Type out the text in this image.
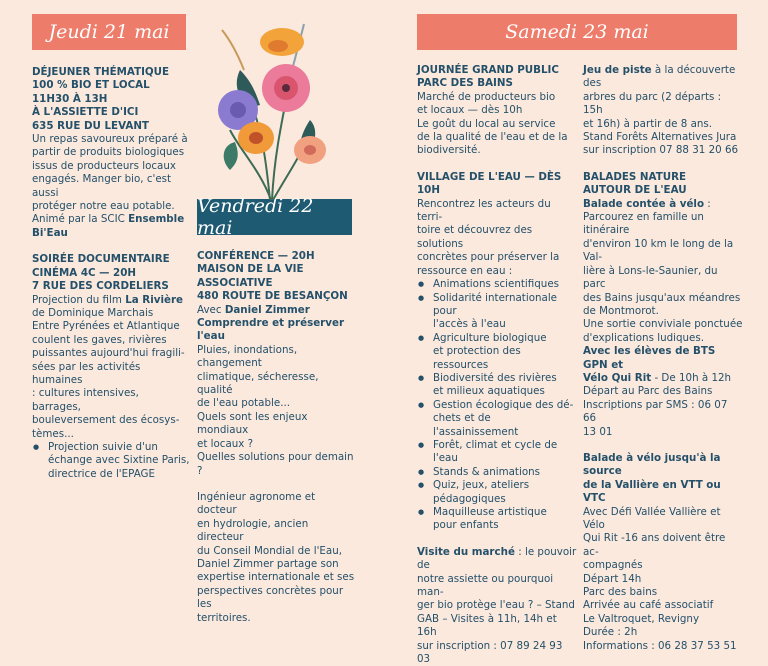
Jeudi 21 mai
Vendredi 22 mai
Samedi 23 mai

DÉJEUNER THÉMATIQUE

100 % BIO ET LOCAL

11H30 À 13H

À L'ASSIETTE D'ICI

635 RUE DU LEVANT

Un repas savoureux préparé à

partir de produits biologiques

issus de producteurs locaux

engagés. Manger bio, c'est aussi

protéger notre eau potable.

Animé par la SCIC Ensemble

Bi'Eau

SOIRÉE DOCUMENTAIRE

CINÉMA 4C — 20H

7 RUE DES CORDELIERS

Projection du film La Rivière

de Dominique Marchais

Entre Pyrénées et Atlantique

coulent les gaves, rivières

puissantes aujourd'hui fragili-

sées par les activités humaines

: cultures intensives, barrages,

bouleversement des écosys-

tèmes...

● Projection suivie d'un
échange avec Sixtine Paris,
directrice de l'EPAGE

CONFÉRENCE — 20H

MAISON DE LA VIE ASSOCIATIVE

480 ROUTE DE BESANÇON

Avec Daniel Zimmer

Comprendre et préserver l'eau

Pluies, inondations, changement

climatique, sécheresse, qualité

de l'eau potable...

Quels sont les enjeux mondiaux

et locaux ?

Quelles solutions pour demain ?

Ingénieur agronome et docteur

en hydrologie, ancien directeur

du Conseil Mondial de l'Eau,

Daniel Zimmer partage son

expertise internationale et ses

perspectives concrètes pour les

territoires.

JOURNÉE GRAND PUBLIC

PARC DES BAINS

Marché de producteurs bio

et locaux — dès 10h

Le goût du local au service

de la qualité de l'eau et de la

biodiversité.

VILLAGE DE L'EAU — DÈS 10H

Rencontrez les acteurs du terri-

toire et découvrez des solutions

concrètes pour préserver la

ressource en eau :

● Animations scientifiques
● Solidarité internationale pour
l'accès à l'eau
● Agriculture biologique
et protection des ressources
● Biodiversité des rivières
et milieux aquatiques
● Gestion écologique des dé-
chets et de l'assainissement
● Forêt, climat et cycle de l'eau
● Stands & animations
● Quiz, jeux, ateliers
pédagogiques
● Maquilleuse artistique
pour enfants

Visite du marché : le pouvoir de

notre assiette ou pourquoi man-

ger bio protège l'eau ? – Stand

GAB – Visites à 11h, 14h et 16h

sur inscription : 07 89 24 93 03

Jeu de piste à la découverte des

arbres du parc (2 départs : 15h

et 16h) à partir de 8 ans.

Stand Forêts Alternatives Jura

sur inscription 07 88 31 20 66

BALADES NATURE

AUTOUR DE L'EAU

Balade contée à vélo :

Parcourez en famille un itinéraire

d'environ 10 km le long de la Val-

lière à Lons-le-Saunier, du parc

des Bains jusqu'aux méandres

de Montmorot.

Une sortie conviviale ponctuée

d'explications ludiques.

Avec les élèves de BTS GPN et

Vélo Qui Rit - De 10h à 12h

Départ au Parc des Bains

Inscriptions par SMS : 06 07 66

13 01

Balade à vélo jusqu'à la source

de la Vallière en VTT ou VTC

Avec Défi Vallée Vallière et Vélo

Qui Rit -16 ans doivent être ac-

compagnés

Départ 14h

Parc des bains

Arrivée au café associatif

Le Valtroquet, Revigny

Durée : 2h

Informations : 06 28 37 53 51
